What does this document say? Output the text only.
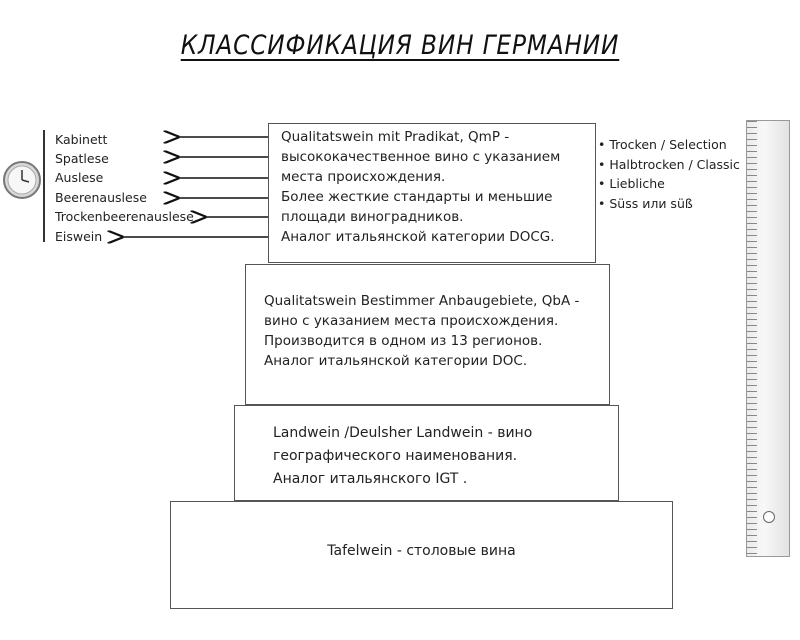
КЛАССИФИКАЦИЯ ВИН ГЕРМАНИИ
Kabinett
Spatlese
Auslese
Beerenauslese
Trockenbeerenauslese
Eiswein
Qualitatswein mit Pradikat, QmP -
высококачественное вино с указанием
места происхождения.
Более жесткие стандарты и меньшие
площади виноградников.
Аналог итальянской категории DOCG.
Qualitatswein Bestimmer Anbaugebiete, QbA -
вино с указанием места происхождения.
Производится в одном из 13 регионов.
Аналог итальянской категории DOC.
Landwein /Deulsher Landwein - вино
географического наименования.
Аналог итальянского IGT .
Tafelwein - столовые вина
• Trocken / Selection
• Halbtrocken / Classic
• Liebliche
• Süss или süß
